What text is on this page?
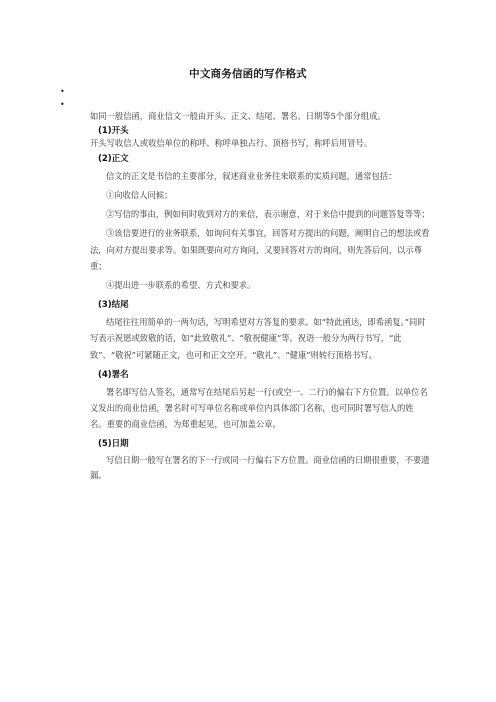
中文商务信函的写作格式
•
•

如同一般信函，商业信文一般由开头、正文、结尾、署名、日期等5个部分组成。

(1)开头

开头写收信人或收信单位的称呼。称呼单独占行、顶格书写，称呼后用冒号。

(2)正文

信文的正文是书信的主要部分，叙述商业业务往来联系的实质问题，通常包括：

①向收信人问候；

②写信的事由，例如何时收到对方的来信，表示谢意，对于来信中提到的问题答复等等；

③该信要进行的业务联系，如询问有关事宜，回答对方提出的问题，阐明自己的想法或看法，向对方提出要求等。如果既要向对方询问，又要回答对方的询问，则先答后问，以示尊重；

④提出进一步联系的希望、方式和要求。

(3)结尾

结尾往往用简单的一两句话，写明希望对方答复的要求。如“特此函达，即希函复。”同时写表示祝愿或致敬的话，如“此致敬礼”、“敬祝健康”等。祝语一般分为两行书写，“此致”、“敬祝”可紧随正文，也可和正文空开。“敬礼”、“健康”则转行顶格书写。

(4)署名

署名即写信人签名，通常写在结尾后另起一行(或空一、二行)的偏右下方位置。以单位名义发出的商业信函，署名时可写单位名称或单位内具体部门名称，也可同时署写信人的姓名。重要的商业信函，为郑重起见，也可加盖公章。

(5)日期

写信日期一般写在署名的下一行或同一行偏右下方位置。商业信函的日期很重要，不要遗漏。
